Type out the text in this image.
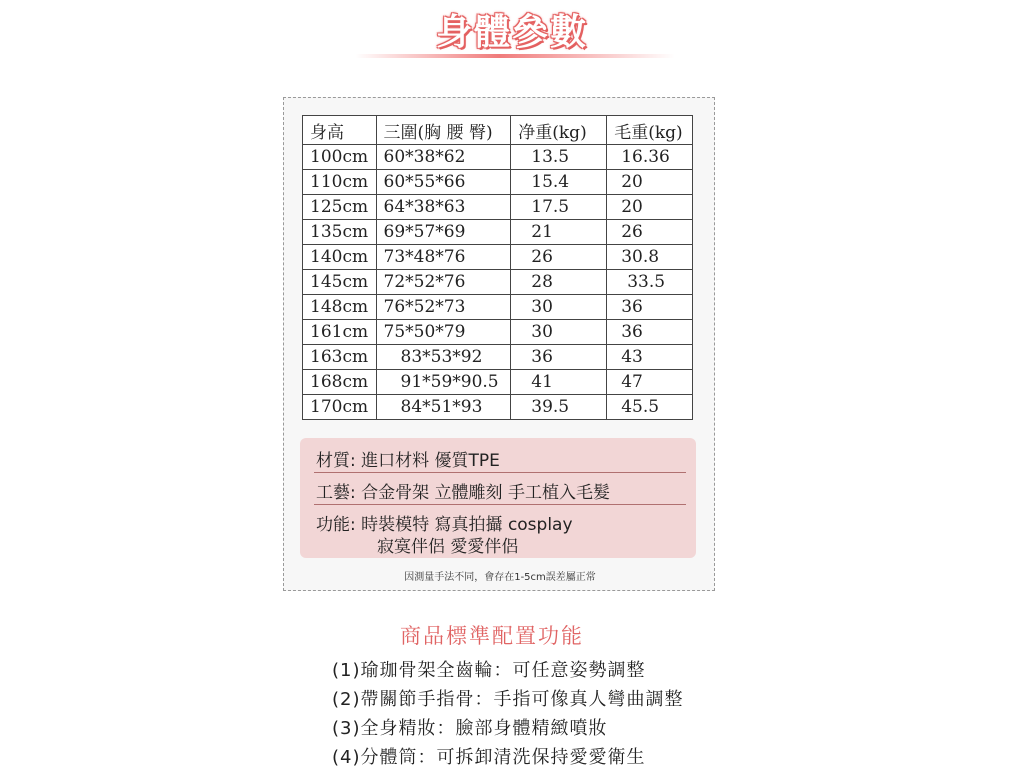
身體參數
身高	三圍(胸 腰 臀)	净重(kg)	毛重(kg)
100cm	60*38*62	13.5	16.36
110cm	60*55*66	15.4	20
125cm	64*38*63	17.5	20
135cm	69*57*69	21	26
140cm	73*48*76	26	30.8
145cm	72*52*76	28	33.5
148cm	76*52*73	30	36
161cm	75*50*79	30	36
163cm	83*53*92	36	43
168cm	91*59*90.5	41	47
170cm	84*51*93	39.5	45.5
材質: 進口材料 優質TPE
工藝: 合金骨架 立體雕刻 手工植入毛髮
功能: 時裝模特 寫真拍攝 cosplay
寂寞伴侶 愛愛伴侶
因測量手法不同，會存在1-5cm誤差屬正常
商品標準配置功能
(1)瑜珈骨架全齒輪：可任意姿勢調整
(2)帶關節手指骨：手指可像真人彎曲調整
(3)全身精妝：臉部身體精緻噴妝
(4)分體筒：可拆卸清洗保持愛愛衛生
